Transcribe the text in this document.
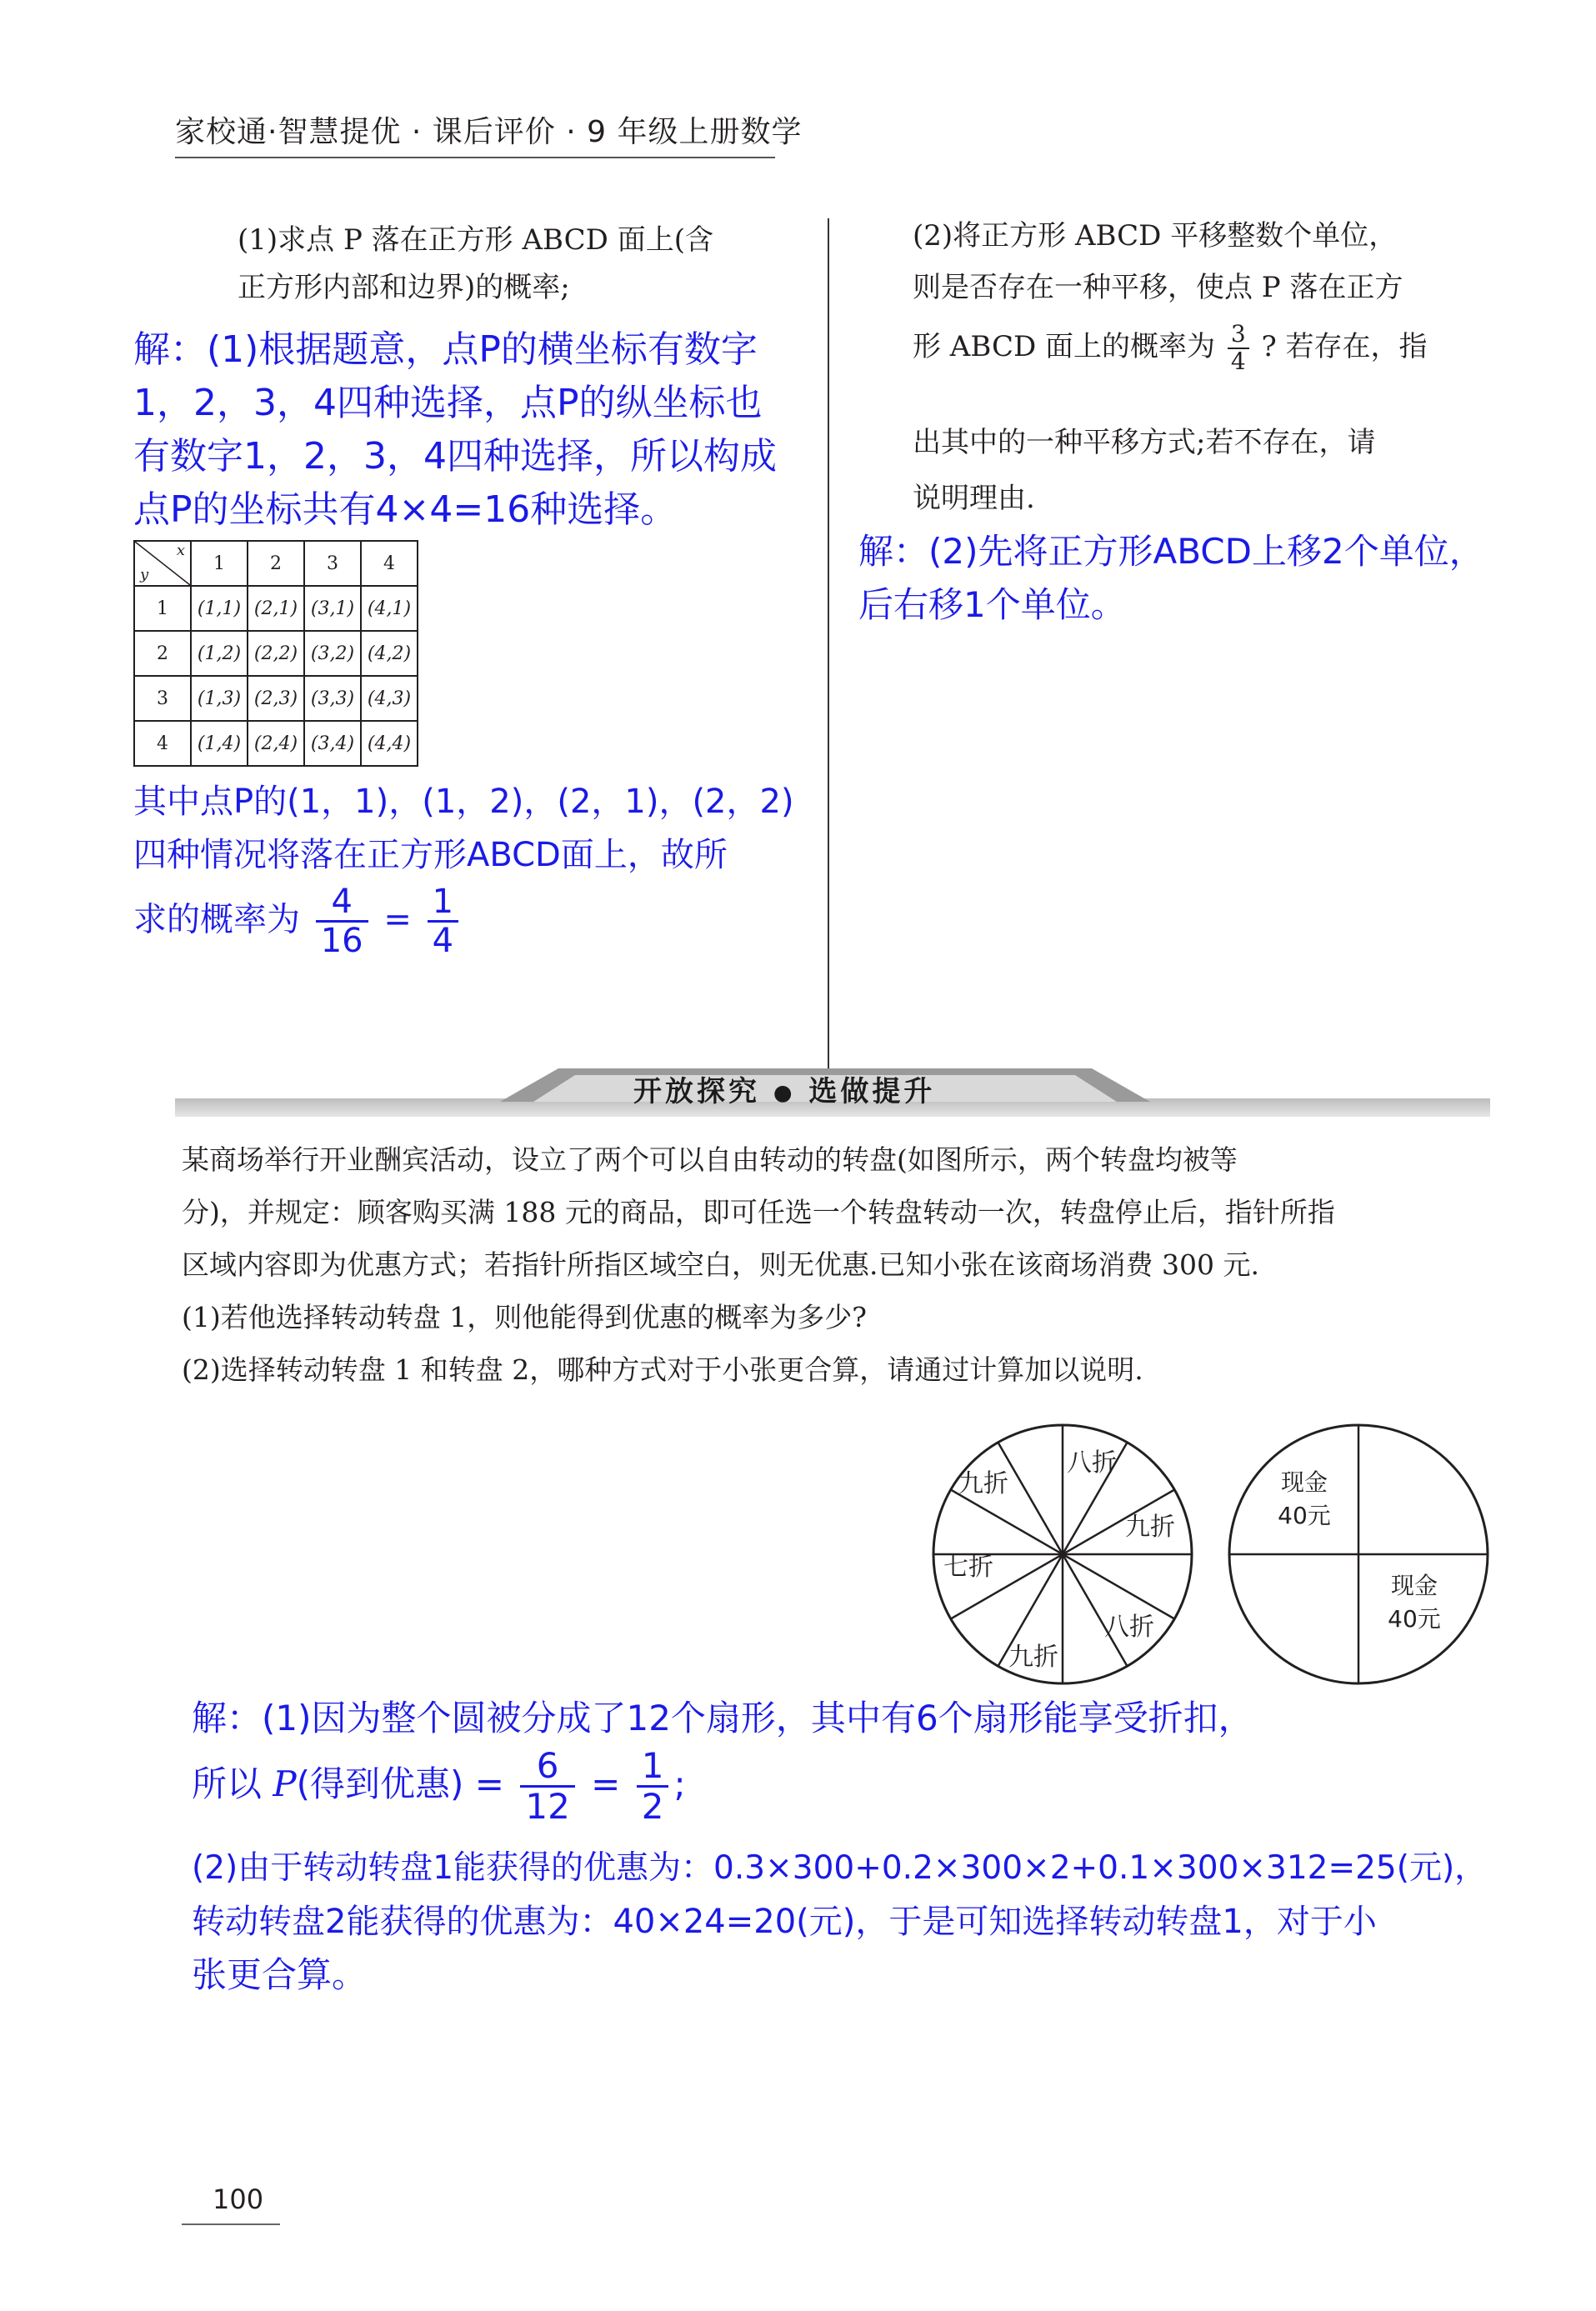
家校通·智慧提优 · 课后评价 · 9 年级上册数学
(1)求点 P 落在正方形 ABCD 面上(含
正方形内部和边界)的概率;
解：(1)根据题意，点P的横坐标有数字
1，2，3，4四种选择，点P的纵坐标也
有数字1，2，3，4四种选择，所以构成
点P的坐标共有4×4=16种选择。
x
y	1	2	3	4
1	(1,1)	(2,1)	(3,1)	(4,1)
2	(1,2)	(2,2)	(3,2)	(4,2)
3	(1,3)	(2,3)	(3,3)	(4,3)
4	(1,4)	(2,4)	(3,4)	(4,4)
其中点P的(1，1)，(1，2)，(2，1)，(2，2)
四种情况将落在正方形ABCD面上，故所
求的概率为 $\frac{4}{16} = \frac{1}{4}$
(2)将正方形 ABCD 平移整数个单位，
则是否存在一种平移，使点 P 落在正方
形 ABCD 面上的概率为 $\frac{3}{4}$ ? 若存在，指
出其中的一种平移方式;若不存在，请
说明理由.
解：(2)先将正方形ABCD上移2个单位，
后右移1个单位。
开放探究 ● 选做提升
某商场举行开业酬宾活动，设立了两个可以自由转动的转盘(如图所示，两个转盘均被等
分)，并规定：顾客购买满 188 元的商品，即可任选一个转盘转动一次，转盘停止后，指针所指
区域内容即为优惠方式；若指针所指区域空白，则无优惠.已知小张在该商场消费 300 元.
(1)若他选择转动转盘 1，则他能得到优惠的概率为多少?
(2)选择转动转盘 1 和转盘 2，哪种方式对于小张更合算，请通过计算加以说明.
八折
九折
八折
九折
七折
九折	现金
40元
现金
40元
解：(1)因为整个圆被分成了12个扇形，其中有6个扇形能享受折扣，
所以 P(得到优惠) = $\frac{6}{12} = \frac{1}{2}$ ;
(2)由于转动转盘1能获得的优惠为：0.3×300+0.2×300×2+0.1×300×312=25(元)，
转动转盘2能获得的优惠为：40×24=20(元)，于是可知选择转动转盘1，对于小
张更合算。
100
